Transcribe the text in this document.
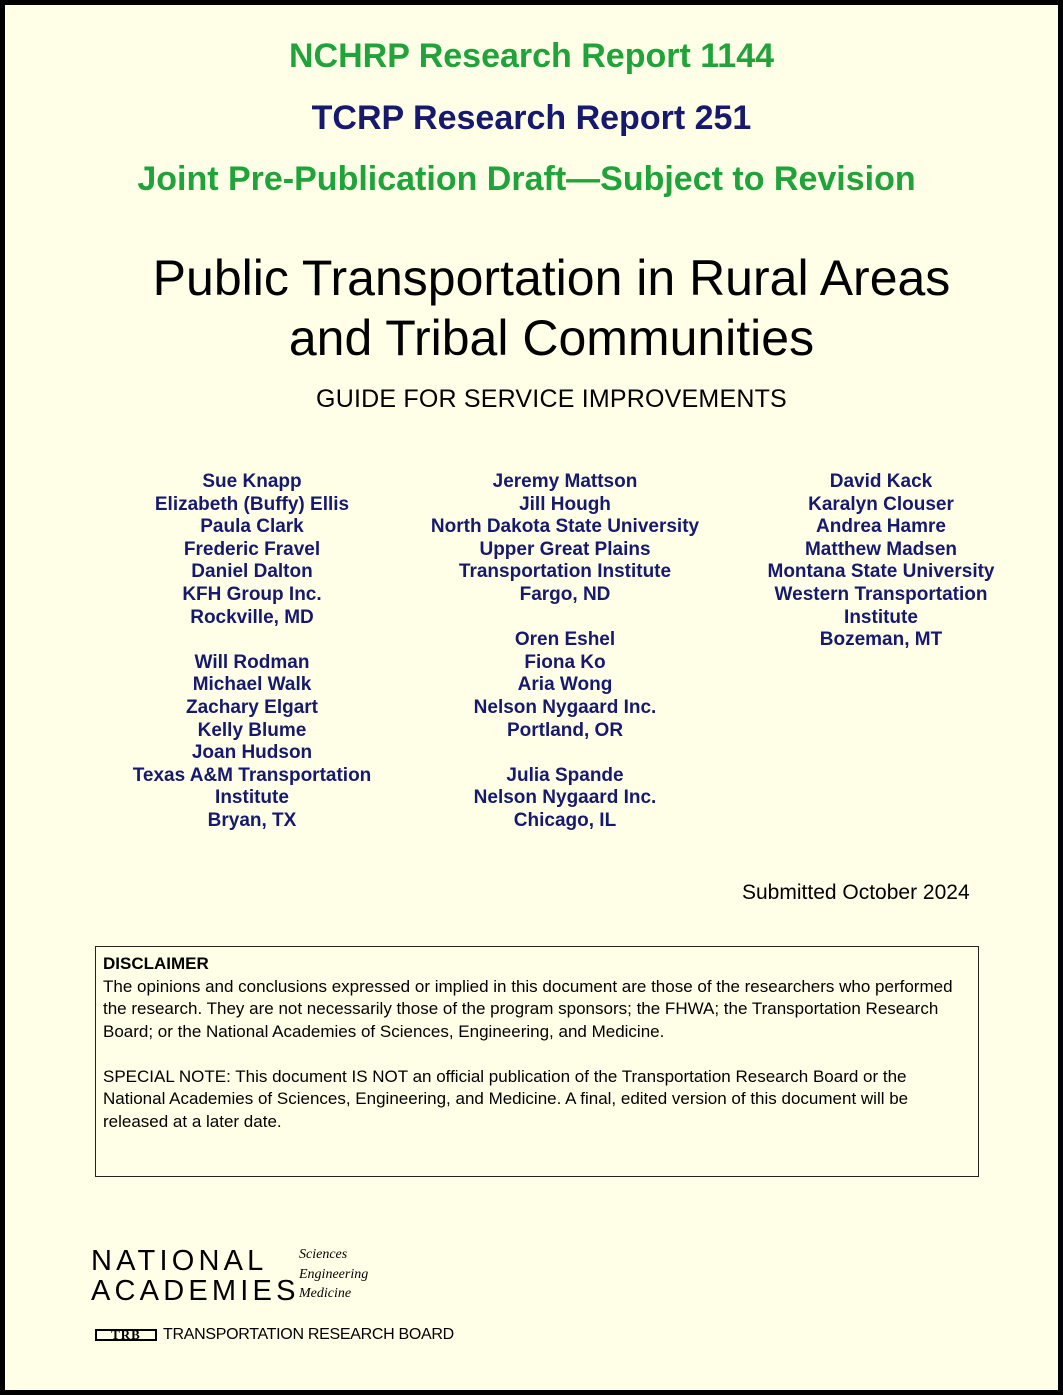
NCHRP Research Report 1144
TCRP Research Report 251
Joint Pre-Publication Draft—Subject to Revision
Public Transportation in Rural Areas
and Tribal Communities
GUIDE FOR SERVICE IMPROVEMENTS
Sue Knapp
Elizabeth (Buffy) Ellis
Paula Clark
Frederic Fravel
Daniel Dalton
KFH Group Inc.
Rockville, MD
Will Rodman
Michael Walk
Zachary Elgart
Kelly Blume
Joan Hudson
Texas A&M Transportation
Institute
Bryan, TX
Jeremy Mattson
Jill Hough
North Dakota State University
Upper Great Plains
Transportation Institute
Fargo, ND
Oren Eshel
Fiona Ko
Aria Wong
Nelson Nygaard Inc.
Portland, OR
Julia Spande
Nelson Nygaard Inc.
Chicago, IL
David Kack
Karalyn Clouser
Andrea Hamre
Matthew Madsen
Montana State University
Western Transportation
Institute
Bozeman, MT
Submitted October 2024
DISCLAIMER

The opinions and conclusions expressed or implied in this document are those of the researchers who performed the research. They are not necessarily those of the program sponsors; the FHWA; the Transportation Research Board; or the National Academies of Sciences, Engineering, and Medicine.

SPECIAL NOTE: This document IS NOT an official publication of the Transportation Research Board or the National Academies of Sciences, Engineering, and Medicine. A final, edited version of this document will be released at a later date.

NATIONAL
ACADEMIES
Sciences
Engineering
Medicine
TRB	TRANSPORTATION RESEARCH BOARD
